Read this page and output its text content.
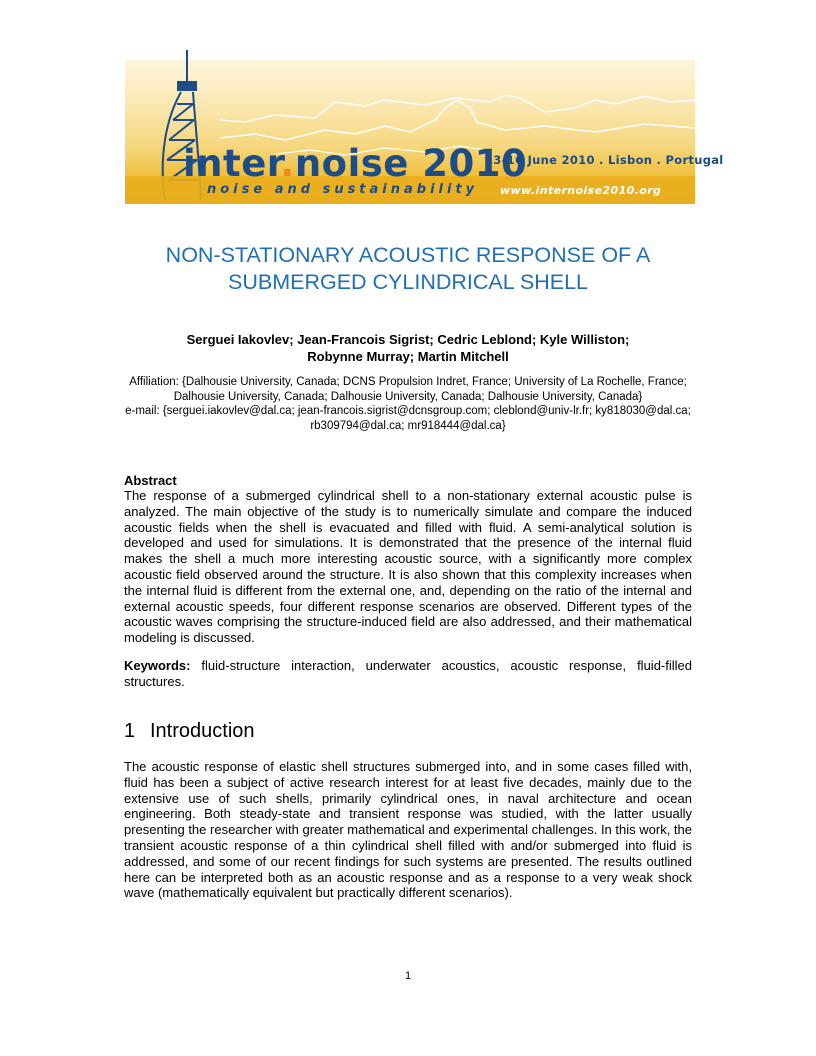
inter.noise 2010
13-16 June 2010 . Lisbon . Portugal
noise and sustainability www.internoise2010.org
NON-STATIONARY ACOUSTIC RESPONSE OF A SUBMERGED CYLINDRICAL SHELL
Serguei Iakovlev; Jean-Francois Sigrist; Cedric Leblond; Kyle Williston;
Robynne Murray; Martin Mitchell
Affiliation: {Dalhousie University, Canada; DCNS Propulsion Indret, France; University of La Rochelle, France; Dalhousie University, Canada; Dalhousie University, Canada; Dalhousie University, Canada}
e-mail: {serguei.iakovlev@dal.ca; jean-francois.sigrist@dcnsgroup.com; cleblond@univ-lr.fr; ky818030@dal.ca; rb309794@dal.ca; mr918444@dal.ca}
Abstract
The response of a submerged cylindrical shell to a non-stationary external acoustic pulse is analyzed. The main objective of the study is to numerically simulate and compare the induced acoustic fields when the shell is evacuated and filled with fluid. A semi-analytical solution is developed and used for simulations. It is demonstrated that the presence of the internal fluid makes the shell a much more interesting acoustic source, with a significantly more complex acoustic field observed around the structure. It is also shown that this complexity increases when the internal fluid is different from the external one, and, depending on the ratio of the internal and external acoustic speeds, four different response scenarios are observed. Different types of the acoustic waves comprising the structure-induced field are also addressed, and their mathematical modeling is discussed.
Keywords: fluid-structure interaction, underwater acoustics, acoustic response, fluid-filled structures.
1 Introduction
The acoustic response of elastic shell structures submerged into, and in some cases filled with, fluid has been a subject of active research interest for at least five decades, mainly due to the extensive use of such shells, primarily cylindrical ones, in naval architecture and ocean engineering. Both steady-state and transient response was studied, with the latter usually presenting the researcher with greater mathematical and experimental challenges. In this work, the transient acoustic response of a thin cylindrical shell filled with and/or submerged into fluid is addressed, and some of our recent findings for such systems are presented. The results outlined here can be interpreted both as an acoustic response and as a response to a very weak shock wave (mathematically equivalent but practically different scenarios).
1
